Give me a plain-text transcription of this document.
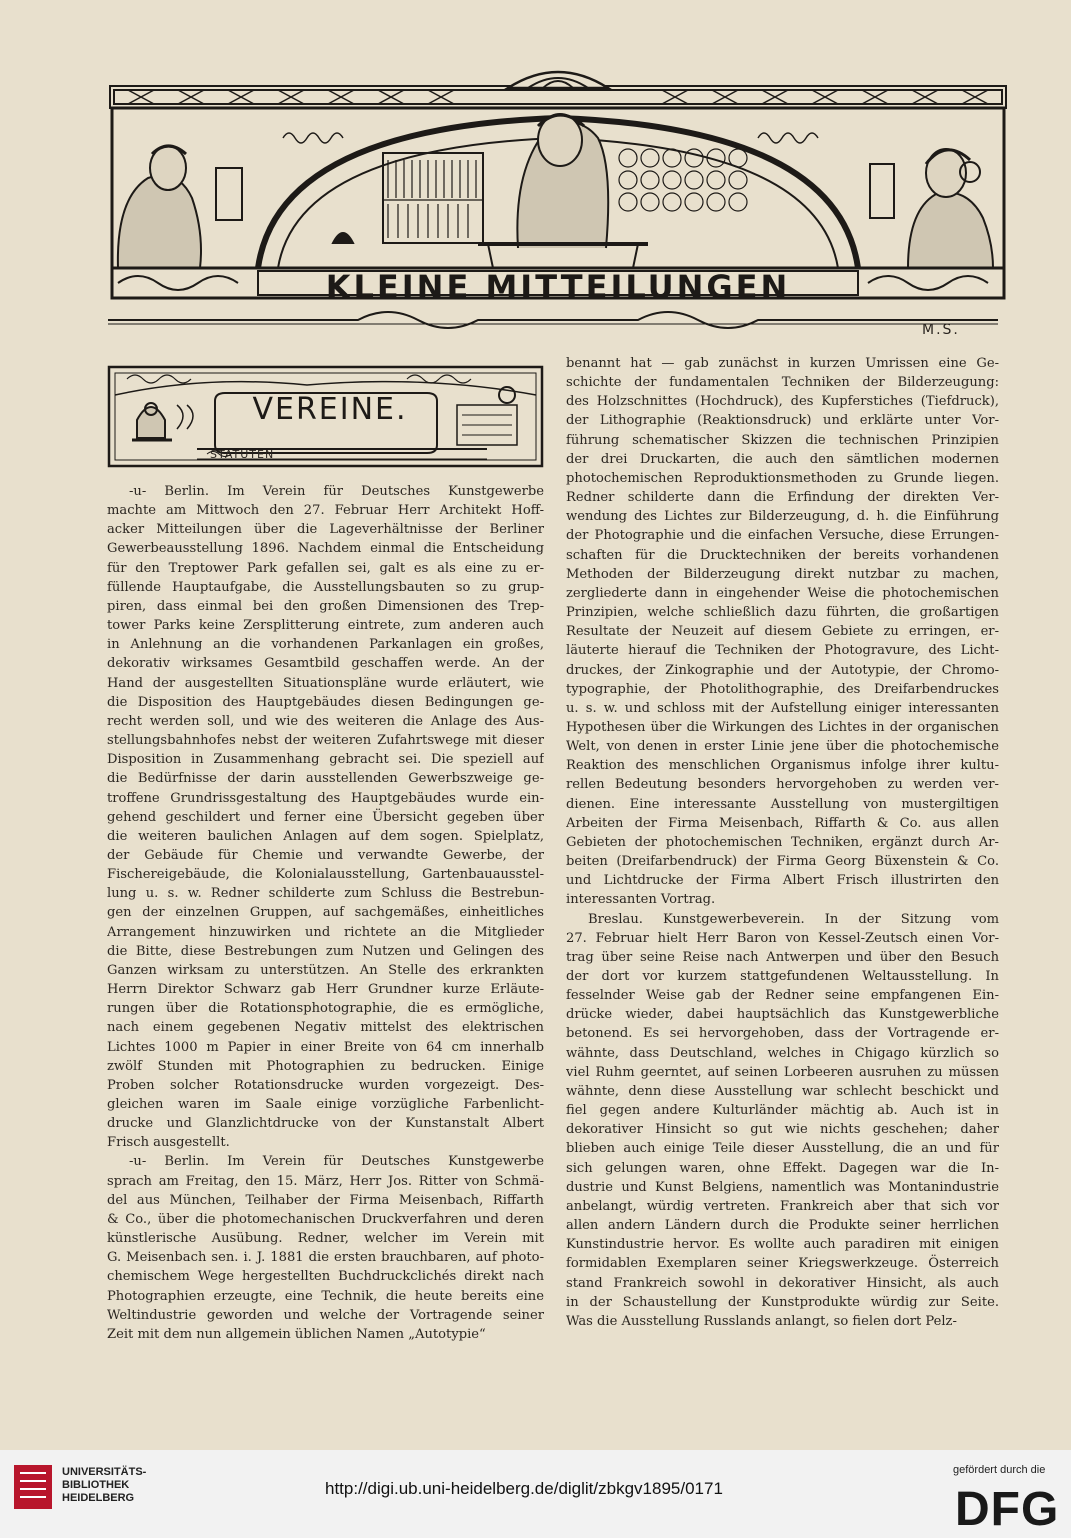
KLEINE MITTEILUNGEN
M.S.
VEREINE.
STATUTEN
-u- Berlin. Im Verein für Deutsches Kunstgewerbe
machte am Mittwoch den 27. Februar Herr Architekt Hoff-
acker Mitteilungen über die Lageverhältnisse der Berliner
Gewerbeausstellung 1896. Nachdem einmal die Entscheidung
für den Treptower Park gefallen sei, galt es als eine zu er-
füllende Hauptaufgabe, die Ausstellungsbauten so zu grup-
piren, dass einmal bei den großen Dimensionen des Trep-
tower Parks keine Zersplitterung eintrete, zum anderen auch
in Anlehnung an die vorhandenen Parkanlagen ein großes,
dekorativ wirksames Gesamtbild geschaffen werde. An der
Hand der ausgestellten Situationspläne wurde erläutert, wie
die Disposition des Hauptgebäudes diesen Bedingungen ge-
recht werden soll, und wie des weiteren die Anlage des Aus-
stellungsbahnhofes nebst der weiteren Zufahrtswege mit dieser
Disposition in Zusammenhang gebracht sei. Die speziell auf
die Bedürfnisse der darin ausstellenden Gewerbszweige ge-
troffene Grundrissgestaltung des Hauptgebäudes wurde ein-
gehend geschildert und ferner eine Übersicht gegeben über
die weiteren baulichen Anlagen auf dem sogen. Spielplatz,
der Gebäude für Chemie und verwandte Gewerbe, der
Fischereigebäude, die Kolonialausstellung, Gartenbauausstel-
lung u. s. w. Redner schilderte zum Schluss die Bestrebun-
gen der einzelnen Gruppen, auf sachgemäßes, einheitliches
Arrangement hinzuwirken und richtete an die Mitglieder
die Bitte, diese Bestrebungen zum Nutzen und Gelingen des
Ganzen wirksam zu unterstützen. An Stelle des erkrankten
Herrn Direktor Schwarz gab Herr Grundner kurze Erläute-
rungen über die Rotationsphotographie, die es ermögliche,
nach einem gegebenen Negativ mittelst des elektrischen
Lichtes 1000 m Papier in einer Breite von 64 cm innerhalb
zwölf Stunden mit Photographien zu bedrucken. Einige
Proben solcher Rotationsdrucke wurden vorgezeigt. Des-
gleichen waren im Saale einige vorzügliche Farbenlicht-
drucke und Glanzlichtdrucke von der Kunstanstalt Albert
Frisch ausgestellt.
-u- Berlin. Im Verein für Deutsches Kunstgewerbe
sprach am Freitag, den 15. März, Herr Jos. Ritter von Schmä-
del aus München, Teilhaber der Firma Meisenbach, Riffarth
& Co., über die photomechanischen Druckverfahren und deren
künstlerische Ausübung. Redner, welcher im Verein mit
G. Meisenbach sen. i. J. 1881 die ersten brauchbaren, auf photo-
chemischem Wege hergestellten Buchdruckclichés direkt nach
Photographien erzeugte, eine Technik, die heute bereits eine
Weltindustrie geworden und welche der Vortragende seiner
Zeit mit dem nun allgemein üblichen Namen „Autotypie“
benannt hat — gab zunächst in kurzen Umrissen eine Ge-
schichte der fundamentalen Techniken der Bilderzeugung:
des Holzschnittes (Hochdruck), des Kupferstiches (Tiefdruck),
der Lithographie (Reaktionsdruck) und erklärte unter Vor-
führung schematischer Skizzen die technischen Prinzipien
der drei Druckarten, die auch den sämtlichen modernen
photochemischen Reproduktionsmethoden zu Grunde liegen.
Redner schilderte dann die Erfindung der direkten Ver-
wendung des Lichtes zur Bilderzeugung, d. h. die Einführung
der Photographie und die einfachen Versuche, diese Errungen-
schaften für die Drucktechniken der bereits vorhandenen
Methoden der Bilderzeugung direkt nutzbar zu machen,
zergliederte dann in eingehender Weise die photochemischen
Prinzipien, welche schließlich dazu führten, die großartigen
Resultate der Neuzeit auf diesem Gebiete zu erringen, er-
läuterte hierauf die Techniken der Photogravure, des Licht-
druckes, der Zinkographie und der Autotypie, der Chromo-
typographie, der Photolithographie, des Dreifarbendruckes
u. s. w. und schloss mit der Aufstellung einiger interessanten
Hypothesen über die Wirkungen des Lichtes in der organischen
Welt, von denen in erster Linie jene über die photochemische
Reaktion des menschlichen Organismus infolge ihrer kultu-
rellen Bedeutung besonders hervorgehoben zu werden ver-
dienen. Eine interessante Ausstellung von mustergiltigen
Arbeiten der Firma Meisenbach, Riffarth & Co. aus allen
Gebieten der photochemischen Techniken, ergänzt durch Ar-
beiten (Dreifarbendruck) der Firma Georg Büxenstein & Co.
und Lichtdrucke der Firma Albert Frisch illustrirten den
interessanten Vortrag.
Breslau. Kunstgewerbeverein. In der Sitzung vom
27. Februar hielt Herr Baron von Kessel-Zeutsch einen Vor-
trag über seine Reise nach Antwerpen und über den Besuch
der dort vor kurzem stattgefundenen Weltausstellung. In
fesselnder Weise gab der Redner seine empfangenen Ein-
drücke wieder, dabei hauptsächlich das Kunstgewerbliche
betonend. Es sei hervorgehoben, dass der Vortragende er-
wähnte, dass Deutschland, welches in Chigago kürzlich so
viel Ruhm geerntet, auf seinen Lorbeeren ausruhen zu müssen
wähnte, denn diese Ausstellung war schlecht beschickt und
fiel gegen andere Kulturländer mächtig ab. Auch ist in
dekorativer Hinsicht so gut wie nichts geschehen; daher
blieben auch einige Teile dieser Ausstellung, die an und für
sich gelungen waren, ohne Effekt. Dagegen war die In-
dustrie und Kunst Belgiens, namentlich was Montanindustrie
anbelangt, würdig vertreten. Frankreich aber that sich vor
allen andern Ländern durch die Produkte seiner herrlichen
Kunstindustrie hervor. Es wollte auch paradiren mit einigen
formidablen Exemplaren seiner Kriegswerkzeuge. Österreich
stand Frankreich sowohl in dekorativer Hinsicht, als auch
in der Schaustellung der Kunstprodukte würdig zur Seite.
Was die Ausstellung Russlands anlangt, so fielen dort Pelz-
UNIVERSITÄTS-
BIBLIOTHEK
HEIDELBERG	http://digi.ub.uni-heidelberg.de/diglit/zbkgv1895/0171
gefördert durch die
DFG
